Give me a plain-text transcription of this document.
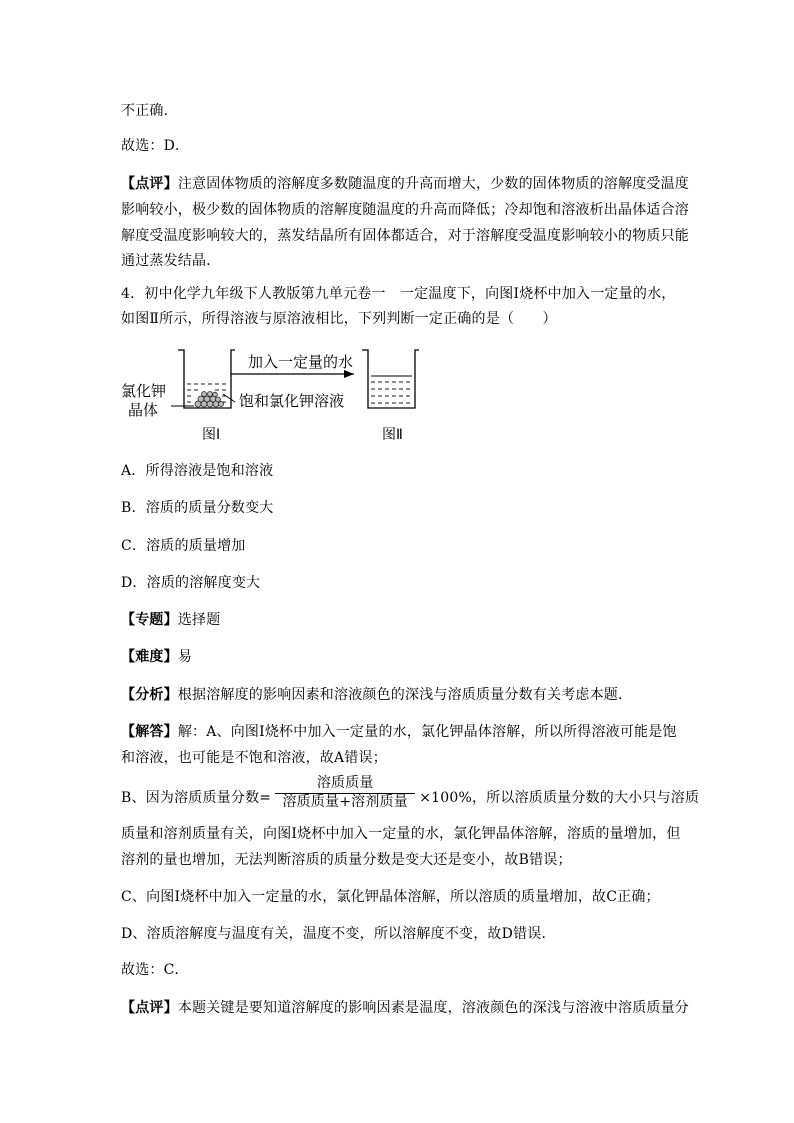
不正确．
故选：D．
【点评】注意固体物质的溶解度多数随温度的升高而增大，少数的固体物质的溶解度受温度
影响较小，极少数的固体物质的溶解度随温度的升高而降低；冷却饱和溶液析出晶体适合溶
解度受温度影响较大的，蒸发结晶所有固体都适合，对于溶解度受温度影响较小的物质只能
通过蒸发结晶．
4．初中化学九年级下人教版第九单元卷一　一定温度下，向图Ⅰ烧杯中加入一定量的水，
如图Ⅱ所示，所得溶液与原溶液相比，下列判断一定正确的是（　　）
加入一定量的水
氯化钾
晶体	饱和氯化钾溶液
图Ⅰ	图Ⅱ
A．所得溶液是饱和溶液
B．溶质的质量分数变大
C．溶质的质量增加
D．溶质的溶解度变大
【专题】选择题
【难度】易
【分析】根据溶解度的影响因素和溶液颜色的深浅与溶质质量分数有关考虑本题．
【解答】解：A、向图Ⅰ烧杯中加入一定量的水，氯化钾晶体溶解，所以所得溶液可能是饱
和溶液，也可能是不饱和溶液，故A错误；
B、因为溶质质量分数=
溶质质量
溶质质量+溶剂质量 ×100%，所以溶质质量分数的大小只与溶质
质量和溶剂质量有关，向图Ⅰ烧杯中加入一定量的水，氯化钾晶体溶解，溶质的量增加，但
溶剂的量也增加，无法判断溶质的质量分数是变大还是变小，故B错误；
C、向图Ⅰ烧杯中加入一定量的水，氯化钾晶体溶解，所以溶质的质量增加，故C正确；
D、溶质溶解度与温度有关，温度不变，所以溶解度不变，故D错误．
故选：C．
【点评】本题关键是要知道溶解度的影响因素是温度，溶液颜色的深浅与溶液中溶质质量分
